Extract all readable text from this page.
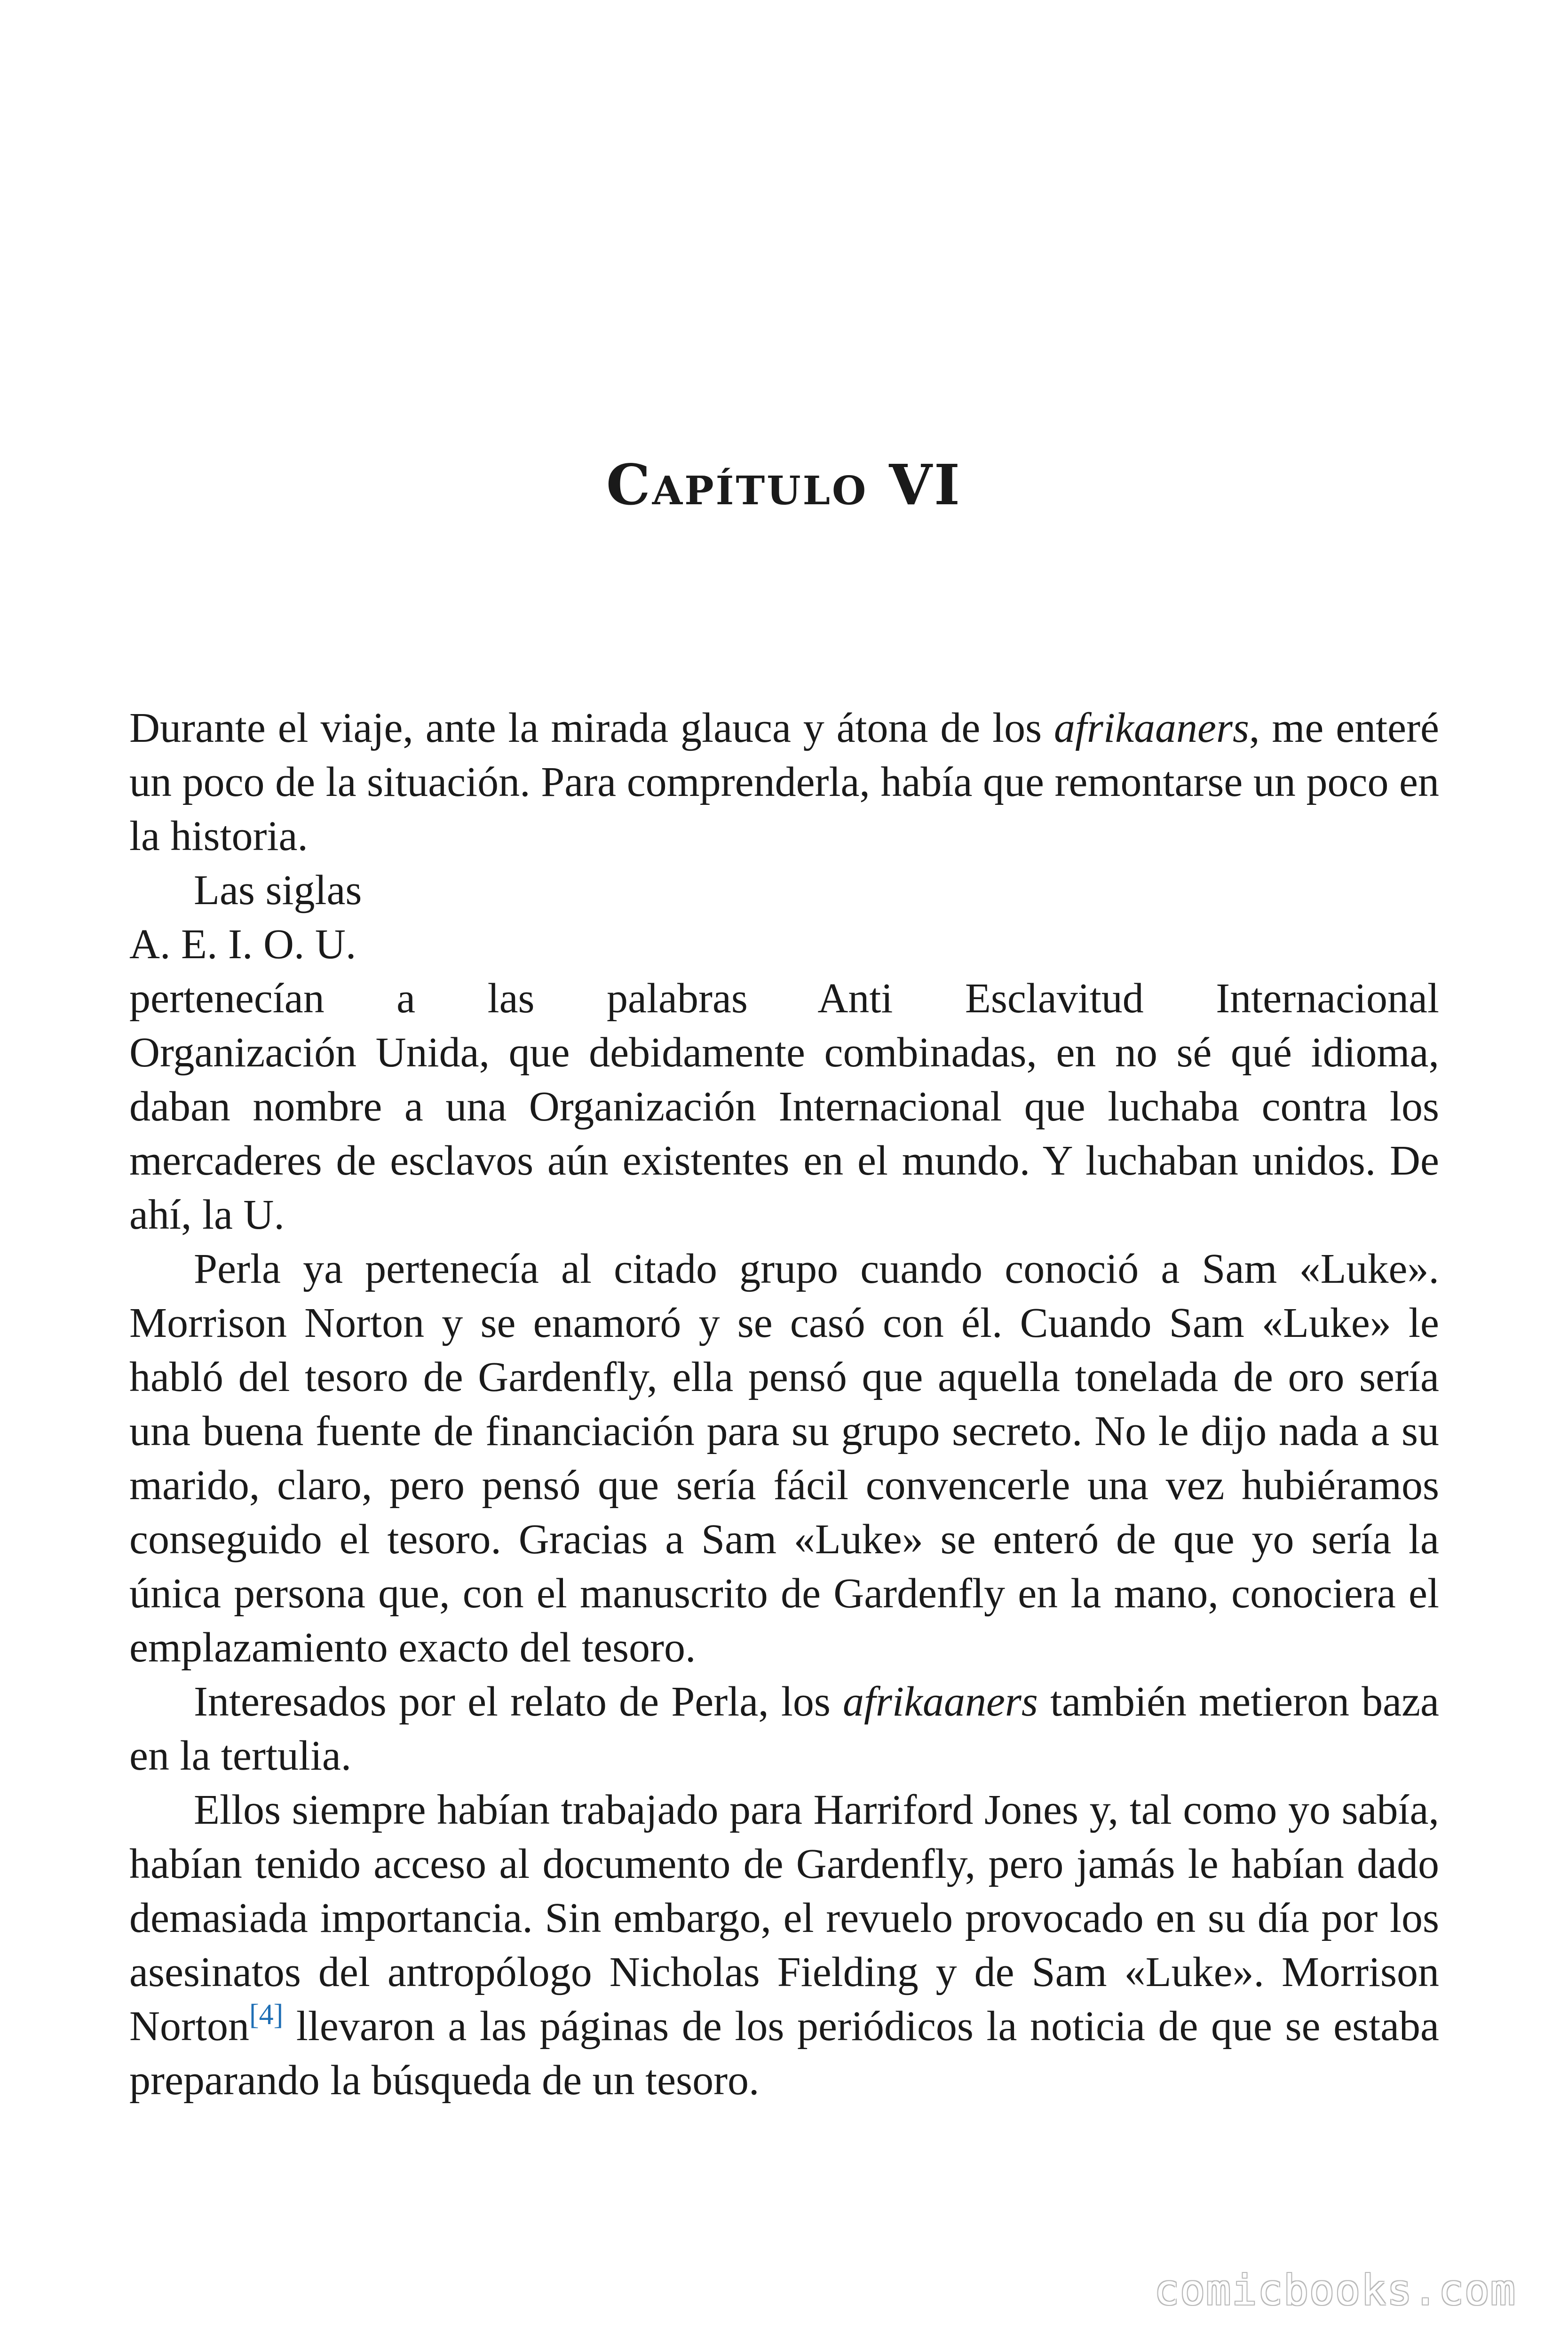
Capítulo VI

Durante el viaje, ante la mirada glauca y átona de los afrikaaners, me enteré un poco de la situación. Para comprenderla, había que remontarse un poco en la historia.

Las siglas

A. E. I. O. U.

pertenecían a las palabras Anti Esclavitud Internacional

Organización Unida, que debidamente combinadas, en no sé qué idioma, daban nombre a una Organización Internacional que luchaba contra los mercaderes de esclavos aún existentes en el mundo. Y luchaban unidos. De ahí, la U.

Perla ya pertenecía al citado grupo cuando conoció a Sam «Luke». Morrison Norton y se enamoró y se casó con él. Cuando Sam «Luke» le habló del tesoro de Gardenfly, ella pensó que aquella tonelada de oro sería una buena fuente de financiación para su grupo secreto. No le dijo nada a su marido, claro, pero pensó que sería fácil convencerle una vez hubiéramos conseguido el tesoro. Gracias a Sam «Luke» se enteró de que yo sería la única persona que, con el manuscrito de Gardenfly en la mano, conociera el emplazamiento exacto del tesoro.

Interesados por el relato de Perla, los afrikaaners también metieron baza en la tertulia.

Ellos siempre habían trabajado para Harriford Jones y, tal como yo sabía, habían tenido acceso al documento de Gardenfly, pero jamás le habían dado demasiada importancia. Sin embargo, el revuelo provocado en su día por los asesinatos del antropólogo Nicholas Fielding y de Sam «Luke». Morrison Norton[4] llevaron a las páginas de los periódicos la noticia de que se estaba preparando la búsqueda de un tesoro.

comicbooks.com
